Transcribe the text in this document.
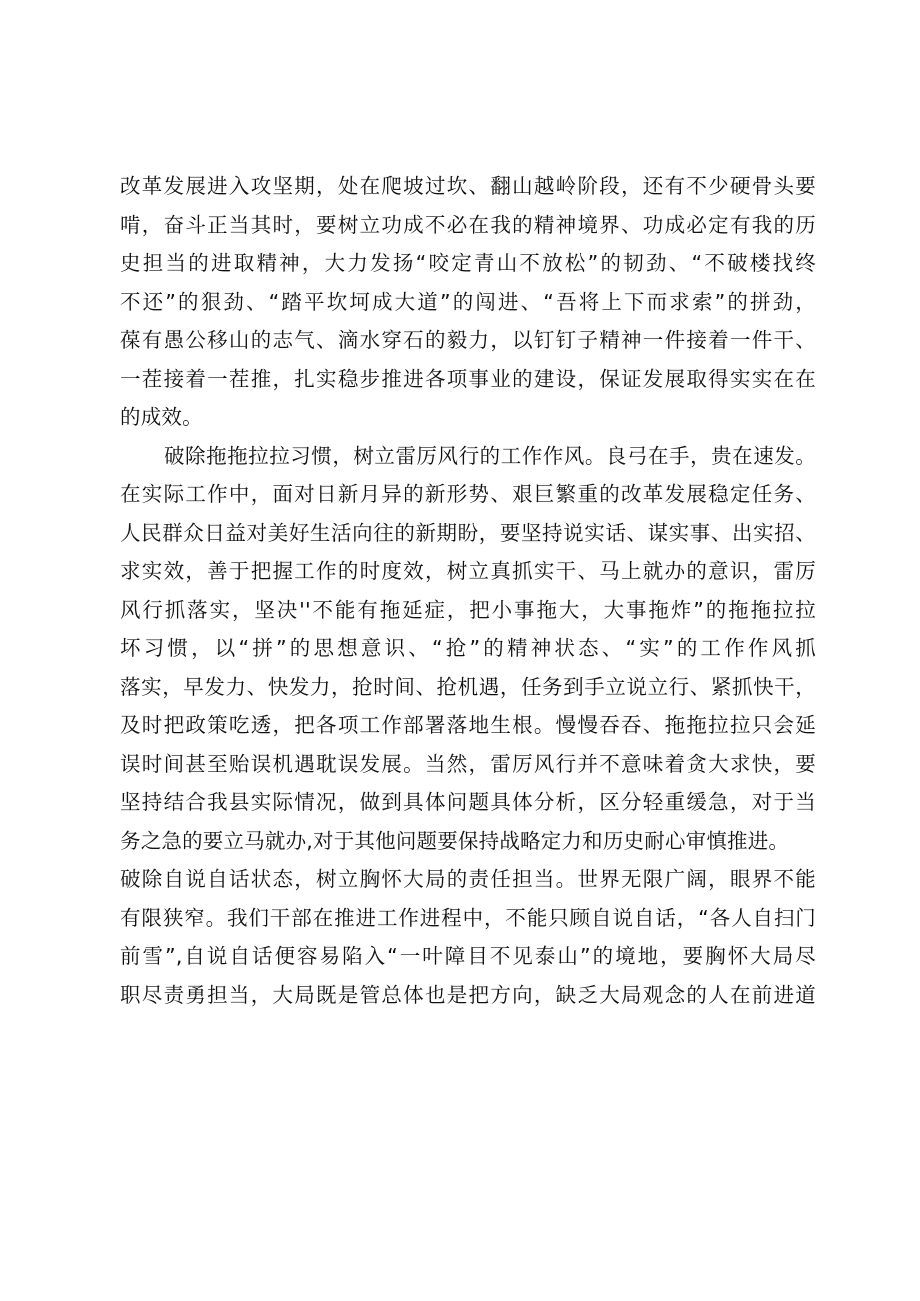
改革发展进入攻坚期，处在爬坡过坎、翻山越岭阶段，还有不少硬骨头要
啃，奋斗正当其时，要树立功成不必在我的精神境界、功成必定有我的历
史担当的进取精神，大力发扬“咬定青山不放松”的韧劲、“不破楼找终
不还”的狠劲、“踏平坎坷成大道”的闯进、“吾将上下而求索”的拼劲，
葆有愚公移山的志气、滴水穿石的毅力，以钉钉子精神一件接着一件干、
一茬接着一茬推，扎实稳步推进各项事业的建设，保证发展取得实实在在
的成效。
破除拖拖拉拉习惯，树立雷厉风行的工作作风。良弓在手，贵在速发。
在实际工作中，面对日新月异的新形势、艰巨繁重的改革发展稳定任务、
人民群众日益对美好生活向往的新期盼，要坚持说实话、谋实事、出实招、
求实效，善于把握工作的时度效，树立真抓实干、马上就办的意识，雷厉
风行抓落实，坚决''不能有拖延症，把小事拖大，大事拖炸”的拖拖拉拉
坏习惯，以“拼”的思想意识、“抢”的精神状态、“实”的工作作风抓
落实，早发力、快发力，抢时间、抢机遇，任务到手立说立行、紧抓快干，
及时把政策吃透，把各项工作部署落地生根。慢慢吞吞、拖拖拉拉只会延
误时间甚至贻误机遇耽误发展。当然，雷厉风行并不意味着贪大求快，要
坚持结合我县实际情况，做到具体问题具体分析，区分轻重缓急，对于当
务之急的要立马就办,对于其他问题要保持战略定力和历史耐心审慎推进。
破除自说自话状态，树立胸怀大局的责任担当。世界无限广阔，眼界不能
有限狭窄。我们干部在推进工作进程中，不能只顾自说自话，“各人自扫门
前雪”,自说自话便容易陷入“一叶障目不见泰山”的境地，要胸怀大局尽
职尽责勇担当，大局既是管总体也是把方向，缺乏大局观念的人在前进道
